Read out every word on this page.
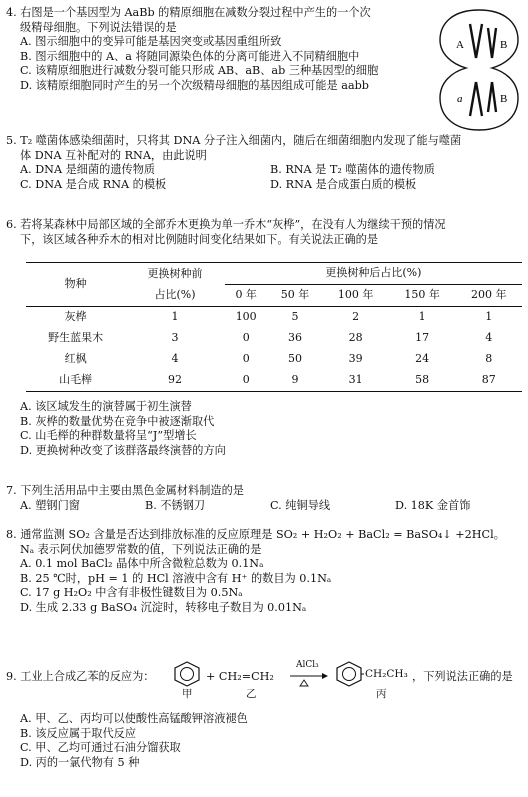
4. 右图是一个基因型为 AaBb 的精原细胞在减数分裂过程中产生的一个次
级精母细胞。下列说法错误的是
A. 图示细胞中的变异可能是基因突变或基因重组所致
B. 图示细胞中的 A、a 将随同源染色体的分离可能进入不同精细胞中
C. 该精原细胞进行减数分裂可能只形成 AB、aB、ab 三种基因型的细胞
D. 该精原细胞同时产生的另一个次级精母细胞的基因组成可能是 aabb
A	B
a	B
5. T₂ 噬菌体感染细菌时，只将其 DNA 分子注入细菌内，随后在细菌细胞内发现了能与噬菌
体 DNA 互补配对的 RNA，由此说明
A. DNA 是细菌的遗传物质	B. RNA 是 T₂ 噬菌体的遗传物质
C. DNA 是合成 RNA 的模板	D. RNA 是合成蛋白质的模板
6. 若将某森林中局部区域的全部乔木更换为单一乔木“灰桦”，在没有人为继续干预的情况
下，该区域各种乔木的相对比例随时间变化结果如下。有关说法正确的是
物种	更换树种前	更换树种后占比(%)				
	占比(%)	0 年	50 年	100 年	150 年	200 年
灰桦	1	100	5	2	1	1
野生蓝果木	3	0	36	28	17	4
红枫	4	0	50	39	24	8
山毛榉	92	0	9	31	58	87
A. 该区域发生的演替属于初生演替
B. 灰桦的数量优势在竞争中被逐渐取代
C. 山毛榉的种群数量将呈“J”型增长
D. 更换树种改变了该群落最终演替的方向
7. 下列生活用品中主要由黑色金属材料制造的是
A. 塑钢门窗	B. 不锈钢刀	C. 纯铜导线	D. 18K 金首饰
8. 通常监测 SO₂ 含量是否达到排放标准的反应原理是 SO₂ + H₂O₂ + BaCl₂ = BaSO₄↓ +2HCl。
Nₐ 表示阿伏加德罗常数的值，下列说法正确的是
A. 0.1 mol BaCl₂ 晶体中所含微粒总数为 0.1Nₐ
B. 25 ℃时，pH = 1 的 HCl 溶液中含有 H⁺ 的数目为 0.1Nₐ
C. 17 g H₂O₂ 中含有非极性键数目为 0.5Nₐ
D. 生成 2.33 g BaSO₄ 沉淀时，转移电子数目为 0.01Nₐ
9. 工业上合成乙苯的反应为：
甲
+ CH₂=CH₂
乙
AlCl₃
CH₂CH₃
丙
，下列说法正确的是
A. 甲、乙、丙均可以使酸性高锰酸钾溶液褪色
B. 该反应属于取代反应
C. 甲、乙均可通过石油分馏获取
D. 丙的一氯代物有 5 种
